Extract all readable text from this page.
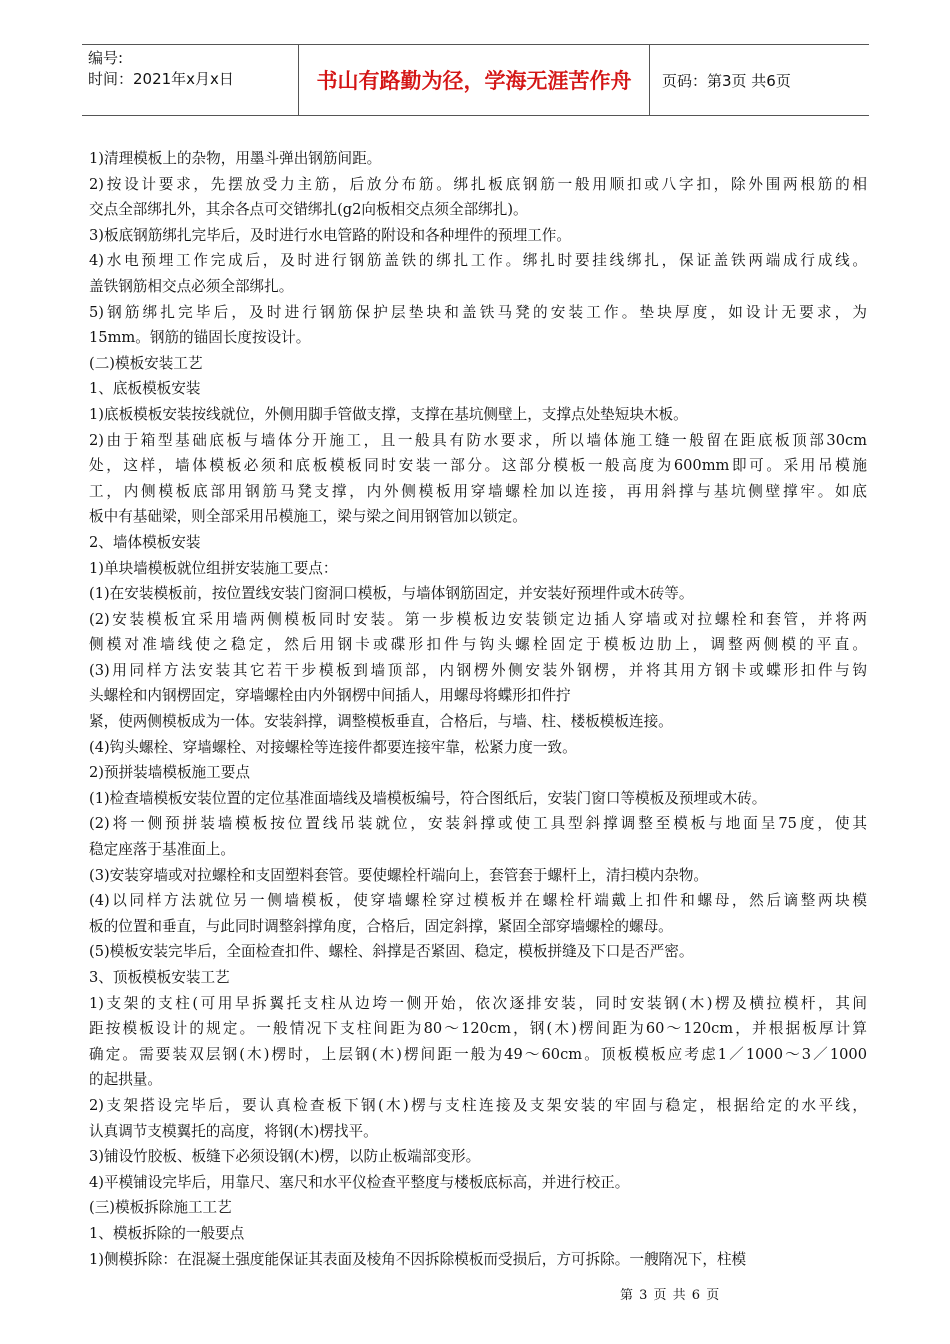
编号:
时间：2021年x月x日	书山有路勤为径，学海无涯苦作舟	页码：第3页 共6页

1)清理模板上的杂物，用墨斗弹出钢筋间距。

2)按设计要求，先摆放受力主筋，后放分布筋。绑扎板底钢筋一般用顺扣或八字扣，除外围两根筋的相

交点全部绑扎外，其余各点可交错绑扎(g2向板相交点须全部绑扎)。

3)板底钢筋绑扎完毕后，及时进行水电管路的附设和各种埋件的预埋工作。

4)水电预埋工作完成后，及时进行钢筋盖铁的绑扎工作。绑扎时要挂线绑扎，保证盖铁两端成行成线。

盖铁钢筋相交点必须全部绑扎。

5)钢筋绑扎完毕后，及时进行钢筋保护层垫块和盖铁马凳的安装工作。垫块厚度，如设计无要求，为

15mm。钢筋的锚固长度按设计。

(二)模板安装工艺

1、底板模板安装

1)底板模板安装按线就位，外侧用脚手管做支撑，支撑在基坑侧壁上，支撑点处垫短块木板。

2)由于箱型基础底板与墙体分开施工，且一般具有防水要求，所以墙体施工缝一般留在距底板顶部30cm

处，这样，墙体模板必须和底板模板同时安装一部分。这部分模板一般高度为600mm即可。采用吊模施

工，内侧模板底部用钢筋马凳支撑，内外侧模板用穿墙螺栓加以连接，再用斜撑与基坑侧壁撑牢。如底

板中有基础梁，则全部采用吊模施工，梁与梁之间用钢管加以锁定。

2、墙体模板安装

1)单块墙模板就位组拼安装施工要点：

(1)在安装模板前，按位置线安装门窗洞口模板，与墙体钢筋固定，并安装好预埋件或木砖等。

(2)安装模板宜采用墙两侧模板同时安装。第一步模板边安装锁定边插人穿墙或对拉螺栓和套管，并将两

侧模对准墙线使之稳定，然后用钢卡或碟形扣件与钩头螺栓固定于模板边肋上，调整两侧模的平直。

(3)用同样方法安装其它若干步模板到墙顶部，内钢楞外侧安装外钢楞，并将其用方钢卡或蝶形扣件与钩

头螺栓和内钢楞固定，穿墙螺栓由内外钢楞中间插人，用螺母将蝶形扣件拧

紧，使两侧模板成为一体。安装斜撑，调整模板垂直，合格后，与墙、柱、楼板模板连接。

(4)钩头螺栓、穿墙螺栓、对接螺栓等连接件都要连接牢靠，松紧力度一致。

2)预拼装墙模板施工要点

(1)检查墙模板安装位置的定位基准面墙线及墙模板编号，符合图纸后，安装门窗口等模板及预埋或木砖。

(2)将一侧预拼装墙模板按位置线吊装就位，安装斜撑或使工具型斜撑调整至模板与地面呈75度，使其

稳定座落于基准面上。

(3)安装穿墙或对拉螺栓和支固塑料套管。要使螺栓杆端向上，套管套于螺杆上，清扫模内杂物。

(4)以同样方法就位另一侧墙模板，使穿墙螺栓穿过模板并在螺栓杆端戴上扣件和螺母，然后谪整两块模

板的位置和垂直，与此同时调整斜撑角度，合格后，固定斜撑，紧固全部穿墙螺栓的螺母。

(5)模板安装完毕后，全面检查扣件、螺栓、斜撑是否紧固、稳定，模板拼缝及下口是否严密。

3、顶板模板安装工艺

1)支架的支柱(可用早拆翼托支柱从边垮一侧开始，依次逐排安装，同时安装钢(木)楞及横拉模杆，其间

距按模板设计的规定。一般情况下支柱间距为80～120cm，钢(木)楞间距为60～120cm，并根据板厚计算

确定。需要装双层钢(木)楞时，上层钢(木)楞间距一般为49～60cm。顶板模板应考虑1／1000～3／1000

的起拱量。

2)支架搭设完毕后，要认真检查板下钢(木)楞与支柱连接及支架安装的牢固与稳定，根据给定的水平线，

认真调节支模翼托的高度，将钢(木)楞找平。

3)铺设竹胶板、板缝下必须设钢(木)楞，以防止板端部变形。

4)平模铺设完毕后，用靠尺、塞尺和水平仪检查平整度与楼板底标高，并进行校正。

(三)模板拆除施工工艺

1、模板拆除的一般要点

1)侧模拆除：在混凝土强度能保证其表面及棱角不因拆除模板而受损后，方可拆除。一艘隋况下，柱模

第 3 页 共 6 页
